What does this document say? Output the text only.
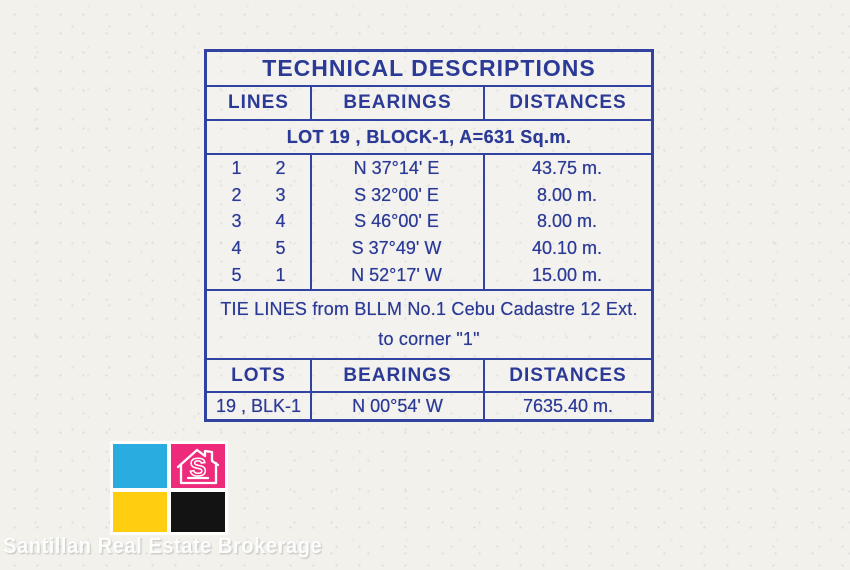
TECHNICAL DESCRIPTIONS
LINES	BEARINGS	DISTANCES
LOT 19 , BLOCK-1, A=631 Sq.m.
1 2	N 37°14' E	43.75 m.
2 3	S 32°00' E	8.00 m.
3 4	S 46°00' E	8.00 m.
4 5	S 37°49' W	40.10 m.
5 1	N 52°17' W	15.00 m.
TIE LINES from BLLM No.1 Cebu Cadastre 12 Ext.
to corner "1"
LOTS	BEARINGS	DISTANCES
19 , BLK-1	N 00°54' W	7635.40 m.
S
Santillan Real Estate Brokerage
